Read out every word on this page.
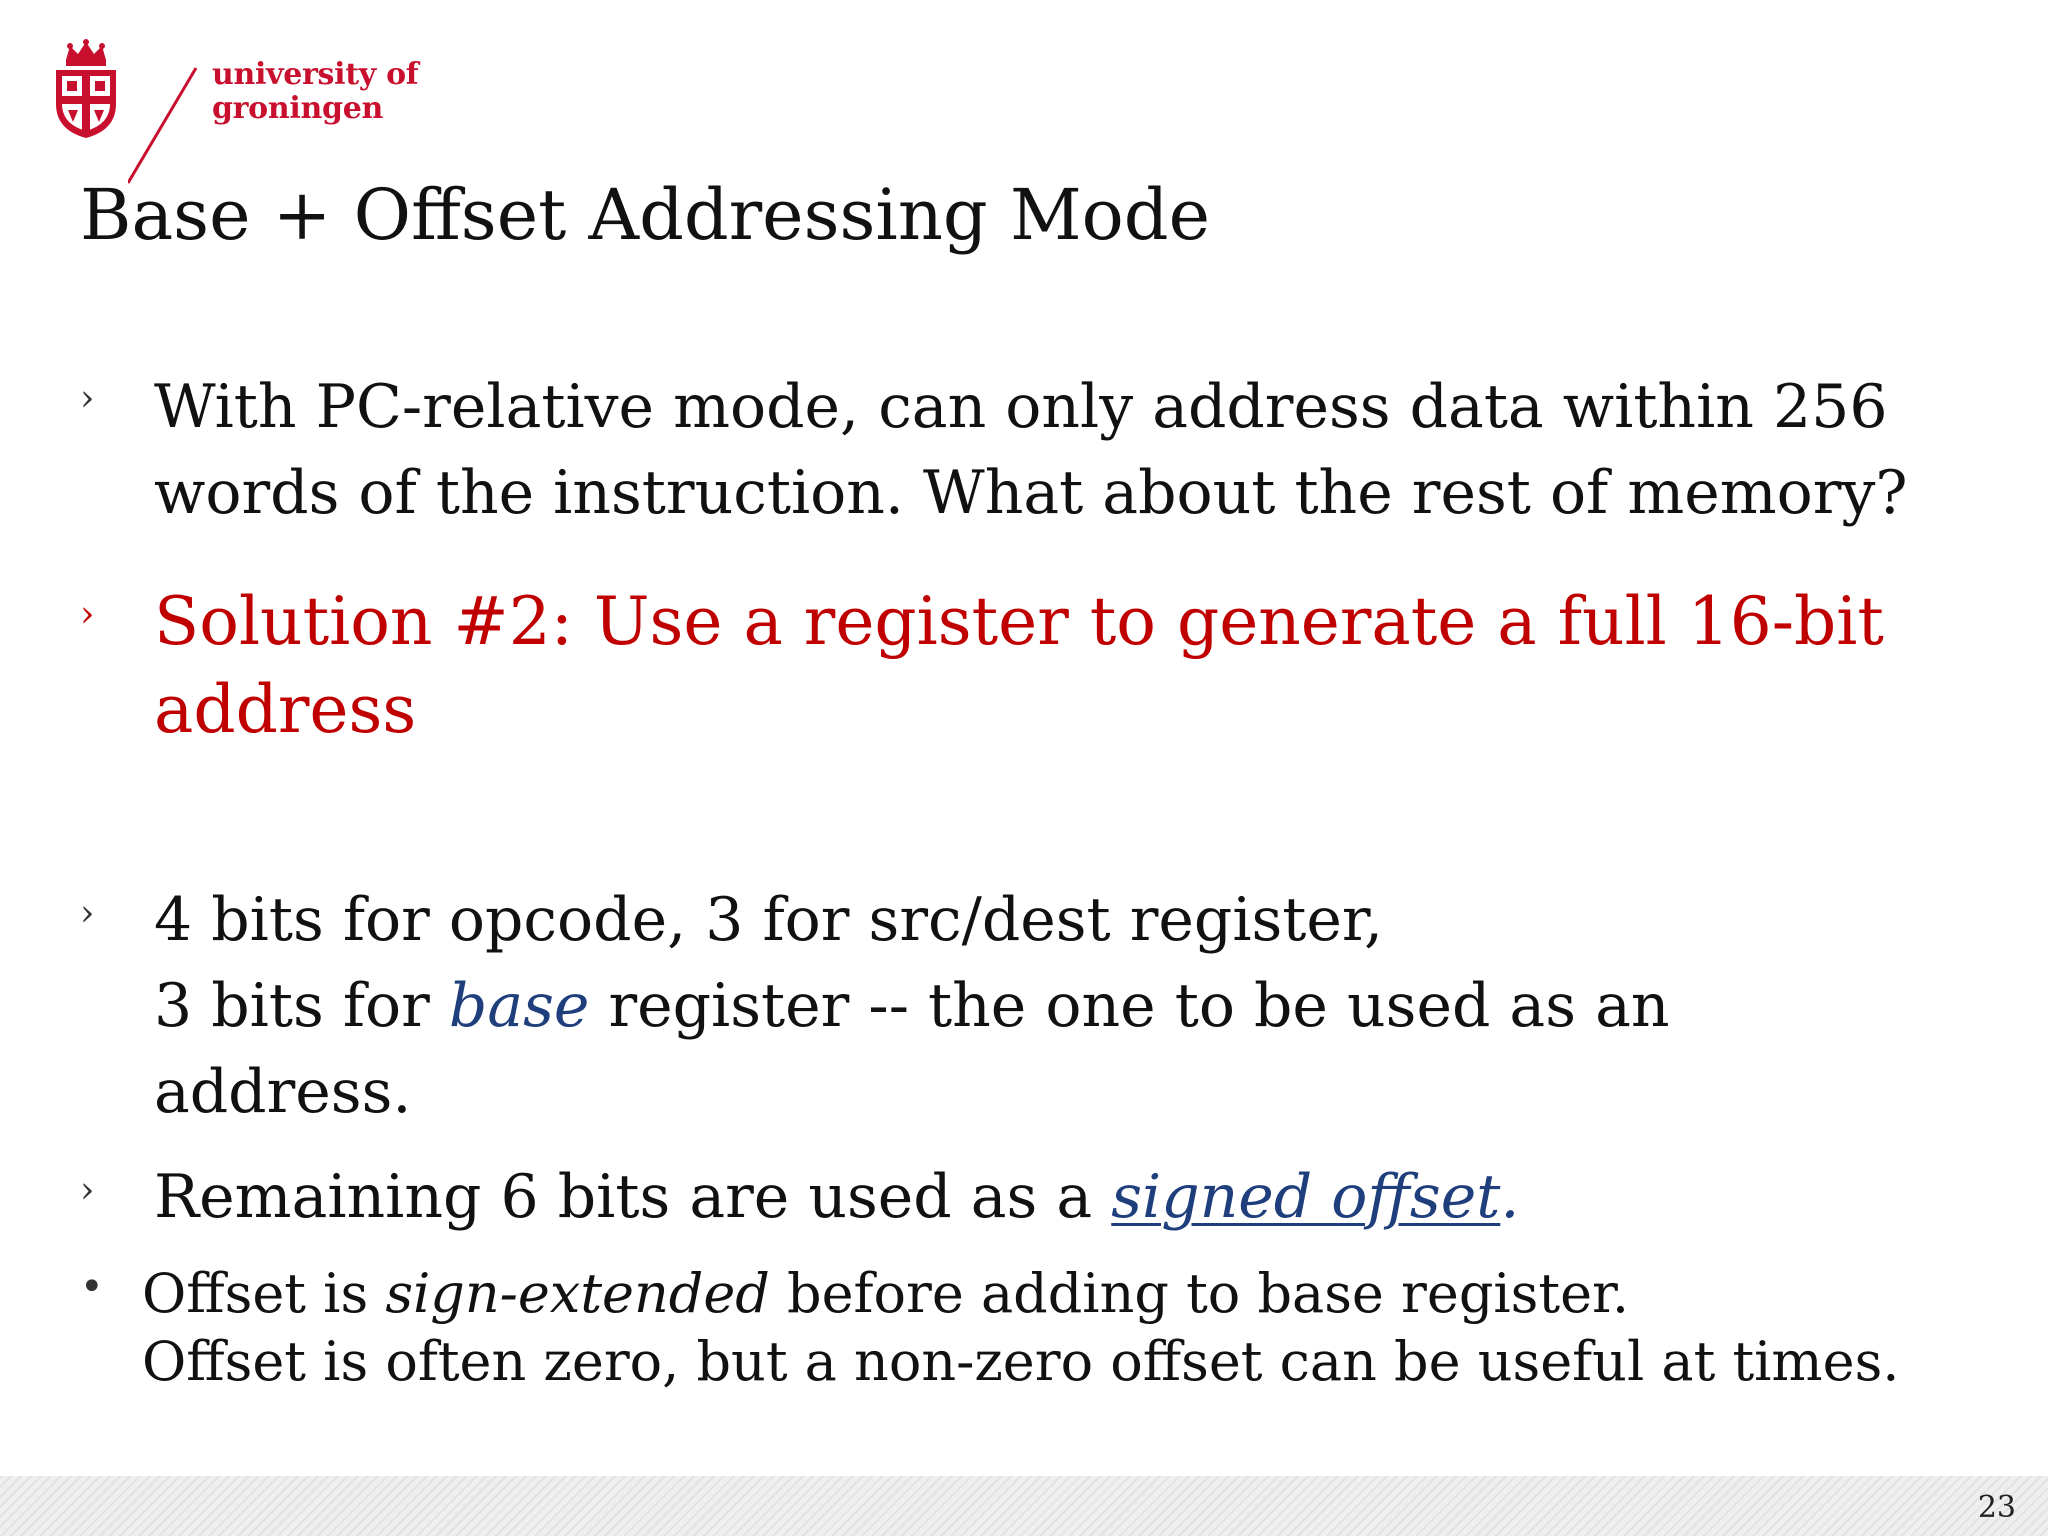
university of
groningen
Base + Offset Addressing Mode
› With PC-relative mode, can only address data within 256
words of the instruction. What about the rest of memory?

› Solution #2: Use a register to generate a full 16-bit
address

› 4 bits for opcode, 3 for src/dest register,
3 bits for base register -- the one to be used as an
address.

› Remaining 6 bits are used as a signed offset.

• Offset is sign-extended before adding to base register.

Offset is often zero, but a non-zero offset can be useful at times.

23
